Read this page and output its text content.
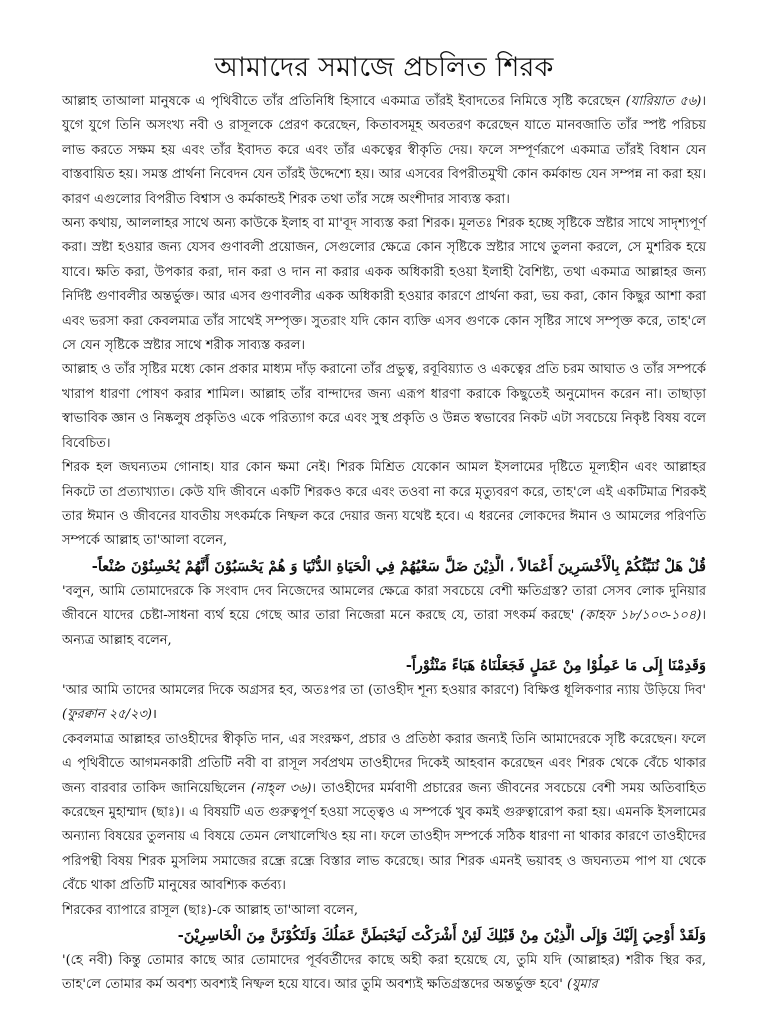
আমাদের সমাজে প্রচলিত শিরক

আল্লাহ তাআলা মানুষকে এ পৃথিবীতে তাঁর প্রতিনিধি হিসাবে একমাত্র তাঁরই ইবাদতের নিমিত্তে সৃষ্টি করেছেন (যারিয়াত ৫৬)। যুগে যুগে তিনি অসংখ্য নবী ও রাসূলকে প্রেরণ করেছেন, কিতাবসমূহ অবতরণ করেছেন যাতে মানবজাতি তাঁর স্পষ্ট পরিচয় লাভ করতে সক্ষম হয় এবং তাঁর ইবাদত করে এবং তাঁর একত্বের স্বীকৃতি দেয়। ফলে সম্পূর্ণরূপে একমাত্র তাঁরই বিধান যেন বাস্তবায়িত হয়। সমস্ত প্রার্থনা নিবেদন যেন তাঁরই উদ্দেশ্যে হয়। আর এসবের বিপরীতমুখী কোন কর্মকান্ড যেন সম্পন্ন না করা হয়। কারণ এগুলোর বিপরীত বিশ্বাস ও কর্মকান্ডই শিরক তথা তাঁর সঙ্গে অংশীদার সাব্যস্ত করা।

অন্য কথায়, আললাহর সাথে অন্য কাউকে ইলাহ বা মা'বূদ সাব্যস্ত করা শিরক। মূলতঃ শিরক হচ্ছে সৃষ্টিকে স্রষ্টার সাথে সাদৃশ্যপূর্ণ করা। স্রষ্টা হওয়ার জন্য যেসব গুণাবলী প্রয়োজন, সেগুলোর ক্ষেত্রে কোন সৃষ্টিকে স্রষ্টার সাথে তুলনা করলে, সে মুশরিক হয়ে যাবে। ক্ষতি করা, উপকার করা, দান করা ও দান না করার একক অধিকারী হওয়া ইলাহী বৈশিষ্ট্য, তথা একমাত্র আল্লাহর জন্য নির্দিষ্ট গুণাবলীর অন্তর্ভুক্ত। আর এসব গুণাবলীর একক অধিকারী হওয়ার কারণে প্রার্থনা করা, ভয় করা, কোন কিছুর আশা করা এবং ভরসা করা কেবলমাত্র তাঁর সাথেই সম্পৃক্ত। সুতরাং যদি কোন ব্যক্তি এসব গুণকে কোন সৃষ্টির সাথে সম্পৃক্ত করে, তাহ'লে সে যেন সৃষ্টিকে স্রষ্টার সাথে শরীক সাব্যস্ত করল।

আল্লাহ ও তাঁর সৃষ্টির মধ্যে কোন প্রকার মাধ্যম দাঁড় করানো তাঁর প্রভুত্ব, রবূবিয়্যাত ও একত্বের প্রতি চরম আঘাত ও তাঁর সম্পর্কে খারাপ ধারণা পোষণ করার শামিল। আল্লাহ তাঁর বান্দাদের জন্য এরূপ ধারণা করাকে কিছুতেই অনুমোদন করেন না। তাছাড়া স্বাভাবিক জ্ঞান ও নিষ্কলুষ প্রকৃতিও একে পরিত্যাগ করে এবং সুস্থ প্রকৃতি ও উন্নত স্বভাবের নিকট এটা সবচেয়ে নিকৃষ্ট বিষয় বলে বিবেচিত।

শিরক হল জঘন্যতম গোনাহ। যার কোন ক্ষমা নেই। শিরক মিশ্রিত যেকোন আমল ইসলামের দৃষ্টিতে মূল্যহীন এবং আল্লাহর নিকটে তা প্রত্যাখ্যাত। কেউ যদি জীবনে একটি শিরকও করে এবং তওবা না করে মৃত্যুবরণ করে, তাহ'লে এই একটিমাত্র শিরকই তার ঈমান ও জীবনের যাবতীয় সৎকর্মকে নিষ্ফল করে দেয়ার জন্য যথেষ্ট হবে। এ ধরনের লোকদের ঈমান ও আমলের পরিণতি সম্পর্কে আল্লাহ তা'আলা বলেন,

قُلْ هَلْ نُنَبِّئُكُمْ بِالْأَخْسَرِينَ أَعْمَالاً ، الَّذِيْنَ ضَلَّ سَعْيُهُمْ فِي الْحَيَاةِ الدُّنْيَا وَ هُمْ يَحْسَبُوْنَ أَنَّهُمْ يُحْسِنُوْنَ صُنْعاً-

'বলুন, আমি তোমাদেরকে কি সংবাদ দেব নিজেদের আমলের ক্ষেত্রে কারা সবচেয়ে বেশী ক্ষতিগ্রস্ত? তারা সেসব লোক দুনিয়ার জীবনে যাদের চেষ্টা-সাধনা ব্যর্থ হয়ে গেছে আর তারা নিজেরা মনে করছে যে, তারা সৎকর্ম করছে' (কাহফ ১৮/১০৩-১০৪)। অন্যত্র আল্লাহ বলেন,

وَقَدِمْنَا إِلَى مَا عَمِلُوْا مِنْ عَمَلٍ فَجَعَلْنَاهُ هَبَاءً مَنْثُوْراً-

'আর আমি তাদের আমলের দিকে অগ্রসর হব, অতঃপর তা (তাওহীদ শূন্য হওয়ার কারণে) বিক্ষিপ্ত ধূলিকণার ন্যায় উড়িয়ে দিব' (ফুরক্বান ২৫/২৩)।

কেবলমাত্র আল্লাহর তাওহীদের স্বীকৃতি দান, এর সংরক্ষণ, প্রচার ও প্রতিষ্ঠা করার জন্যই তিনি আমাদেরকে সৃষ্টি করেছেন। ফলে এ পৃথিবীতে আগমনকারী প্রতিটি নবী বা রাসূল সর্বপ্রথম তাওহীদের দিকেই আহবান করেছেন এবং শিরক থেকে বেঁচে থাকার জন্য বারবার তাকিদ জানিয়েছিলেন (নাহ্‌ল ৩৬)। তাওহীদের মর্মবাণী প্রচারের জন্য জীবনের সবচেয়ে বেশী সময় অতিবাহিত করেছেন মুহাম্মাদ (ছাঃ)। এ বিষয়টি এত গুরুত্বপূর্ণ হওয়া সত্ত্বেও এ সম্পর্কে খুব কমই গুরুত্বারোপ করা হয়। এমনকি ইসলামের অন্যান্য বিষয়ের তুলনায় এ বিষয়ে তেমন লেখালেখিও হয় না। ফলে তাওহীদ সম্পর্কে সঠিক ধারণা না থাকার কারণে তাওহীদের পরিপন্থী বিষয় শিরক মুসলিম সমাজের রন্ধ্রে রন্ধ্রে বিস্তার লাভ করেছে। আর শিরক এমনই ভয়াবহ ও জঘন্যতম পাপ যা থেকে বেঁচে থাকা প্রতিটি মানুষের আবশ্যিক কর্তব্য।

শিরকের ব্যাপারে রাসূল (ছাঃ)-কে আল্লাহ তা'আলা বলেন,

وَلَقَدْ أُوْحِيَ إِلَيْكَ وَإِلَى الَّذِيْنَ مِنْ قَبْلِكَ لَئِنْ أَشْرَكْتَ لَيَحْبَطَنَّ عَمَلُكَ وَلَتَكُوْنَنَّ مِنَ الْخَاسِرِيْنَ-

'(হে নবী) কিন্তু তোমার কাছে আর তোমাদের পূর্ববর্তীদের কাছে অহী করা হয়েছে যে, তুমি যদি (আল্লাহর) শরীক স্থির কর, তাহ'লে তোমার কর্ম অবশ্য অবশ্যই নিষ্ফল হয়ে যাবে। আর তুমি অবশ্যই ক্ষতিগ্রস্তদের অন্তর্ভুক্ত হবে' (যুমার
